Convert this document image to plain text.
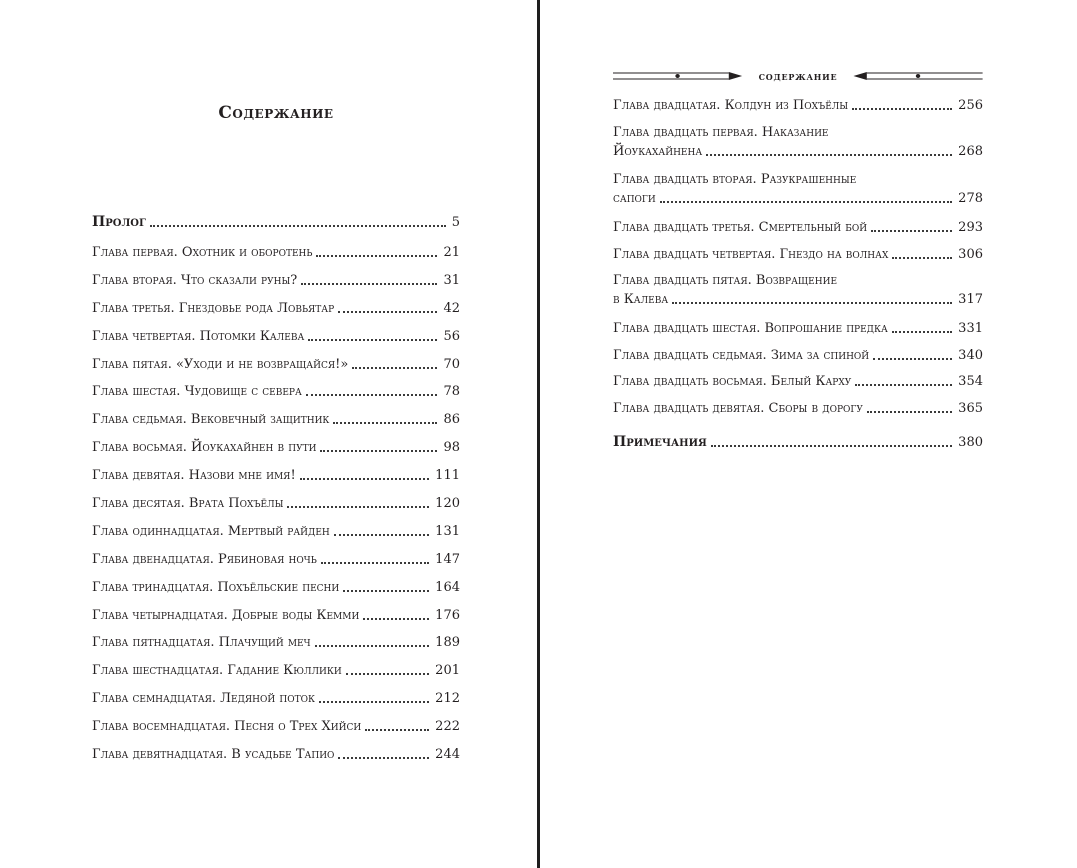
Содержание
Пролог	5
Глава первая. Охотник и оборотень	21
Глава вторая. Что сказали руны?	31
Глава третья. Гнездовье рода Ловьятар	42
Глава четвертая. Потомки Калева	56
Глава пятая. «Уходи и не возвращайся!»	70
Глава шестая. Чудовище с севера	78
Глава седьмая. Вековечный защитник	86
Глава восьмая. Йоукахайнен в пути	98
Глава девятая. Назови мне имя!	111
Глава десятая. Врата Похъёлы	120
Глава одиннадцатая. Мертвый райден	131
Глава двенадцатая. Рябиновая ночь	147
Глава тринадцатая. Похъёльские песни	164
Глава четырнадцатая. Добрые воды Кемми	176
Глава пятнадцатая. Плачущий меч	189
Глава шестнадцатая. Гадание Кюллики	201
Глава семнадцатая. Ледяной поток	212
Глава восемнадцатая. Песня о Трех Хийси	222
Глава девятнадцатая. В усадьбе Тапио	244
содержание
Глава двадцатая. Колдун из Похъёлы	256
Глава двадцать первая. Наказание
Йоукахайнена	268
Глава двадцать вторая. Разукрашенные
сапоги	278
Глава двадцать третья. Смертельный бой	293
Глава двадцать четвертая. Гнездо на волнах	306
Глава двадцать пятая. Возвращение
в Калева	317
Глава двадцать шестая. Вопрошание предка	331
Глава двадцать седьмая. Зима за спиной	340
Глава двадцать восьмая. Белый Карху	354
Глава двадцать девятая. Сборы в дорогу	365
Примечания	380
